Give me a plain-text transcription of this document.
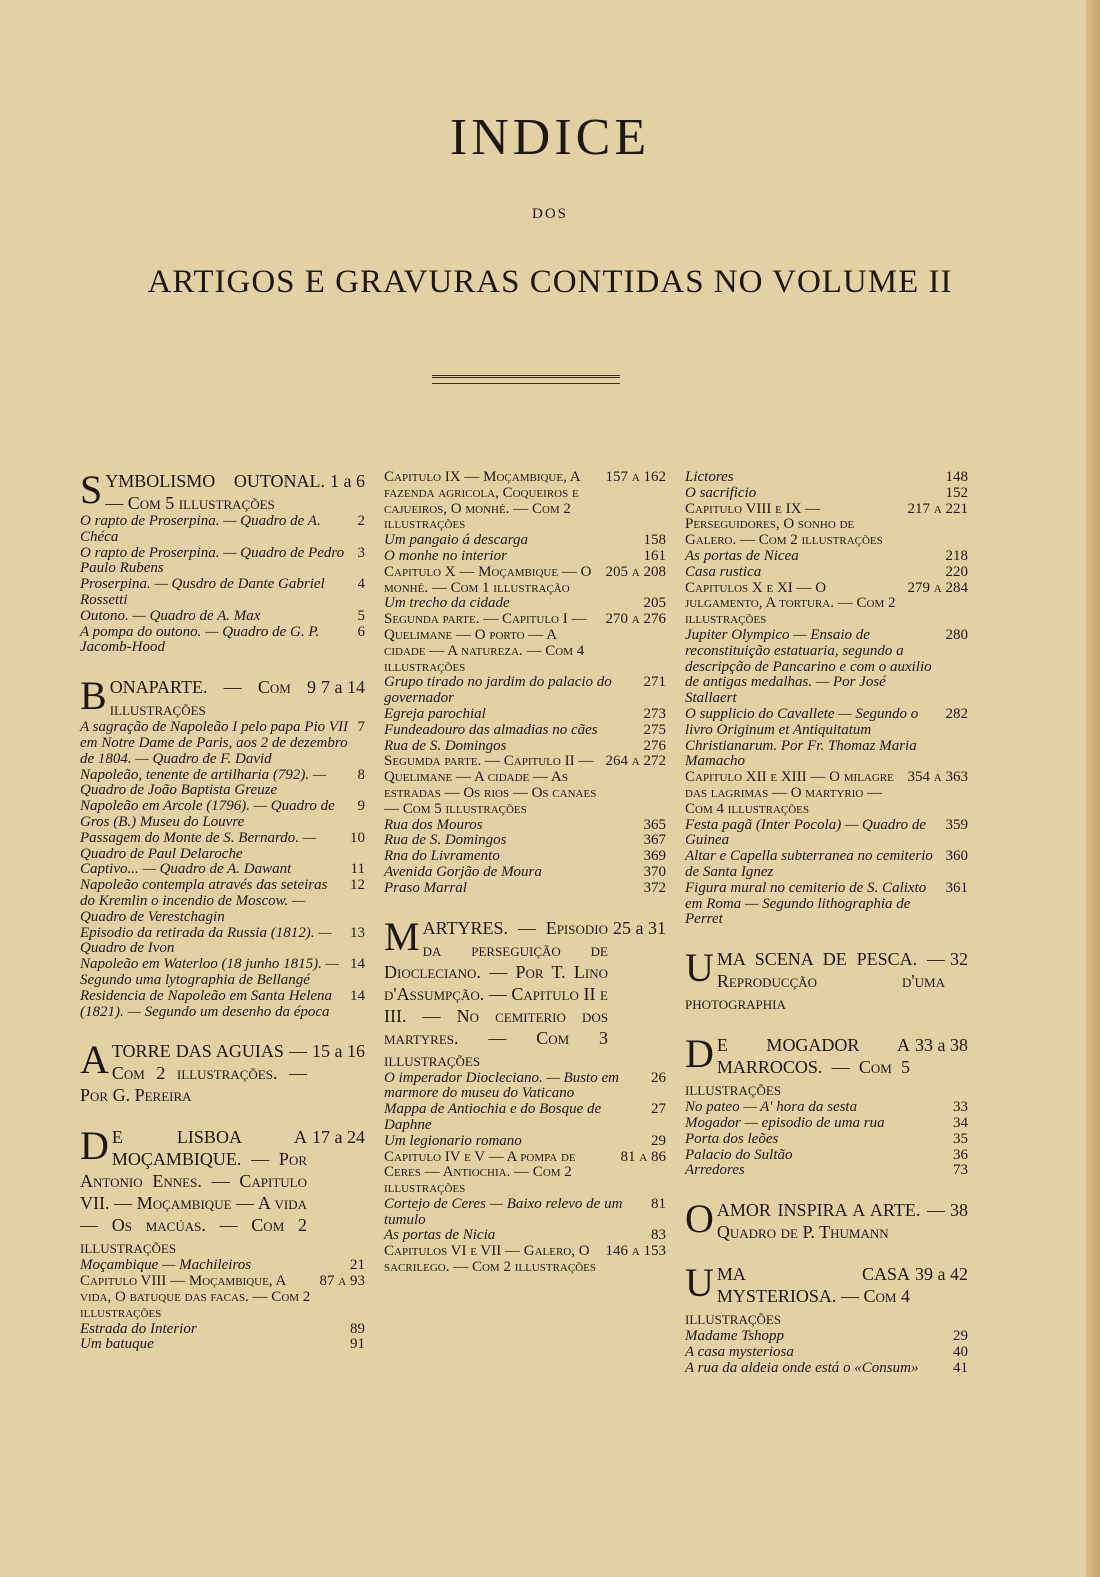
INDICE
DOS
ARTIGOS E GRAVURAS CONTIDAS NO VOLUME II
SYMBOLISMO OUTONAL. — Com 5 illustrações
1 a 6
O rapto de Proserpina. — Quadro de A. Chéca
2
O rapto de Proserpina. — Quadro de Pedro Paulo Rubens
3
Proserpina. — Qusdro de Dante Gabriel Rossetti
4
Outono. — Quadro de A. Max	5
A pompa do outono. — Quadro de G. P. Jacomb-Hood
6
BONAPARTE. — Com 9 illustrações
7 a 14
A sagração de Napoleão I pelo papa Pio VII em Notre Dame de Paris, aos 2 de dezembro de 1804. — Quadro de F. David
7
Napoleão, tenente de artilharia (792). — Quadro de João Baptista Greuze
8
Napoleão em Arcole (1796). — Quadro de Gros (B.) Museu do Louvre
9
Passagem do Monte de S. Bernardo. — Quadro de Paul Delaroche
10
Captivo... — Quadro de A. Dawant	11
Napoleão contempla através das seteiras do Kremlin o incendio de Moscow. — Quadro de Verestchagin
12
Episodio da retirada da Russia (1812). — Quadro de Ivon
13
Napoleão em Waterloo (18 junho 1815). — Segundo uma lytographia de Bellangé
14
Residencia de Napoleão em Santa Helena (1821). — Segundo um desenho da época
14
ATORRE DAS AGUIAS — Com 2 illustrações. — Por G. Pereira
15 a 16
D E LISBOA A MOÇAMBIQUE. — Por Antonio Ennes. — Capitulo VII. — Moçambique — A vida — Os macúas. — Com 2 illustrações
17 a 24
Moçambique — Machileiros	21
Capitulo VIII — Moçambique, A vida, O batuque das facas. — Com 2 illustrações
87 a 93
Estrada do Interior	89
Um batuque	91
Capitulo IX — Moçambique, A fazenda agricola, Coqueiros e cajueiros, O monhé. — Com 2 illustrações
157 a 162
Um pangaio á descarga	158
O monhe no interior	161
Capitulo X — Moçambique — O monhé. — Com 1 illustração
205 a 208
Um trecho da cidade	205
Segunda parte. — Capitulo I — Quelimane — O porto — A cidade — A natureza. — Com 4 illustrações
270 a 276
Grupo tirado no jardim do palacio do governador
271
Egreja parochial	273
Fundeadouro das almadias no cães	275
Rua de S. Domingos	276
Segumda parte. — Capitulo II — Quelimane — A cidade — As estradas — Os rios — Os canaes — Com 5 illustrações
264 a 272
Rua dos Mouros	365
Rua de S. Domingos	367
Rna do Livramento	369
Avenida Gorjão de Moura	370
Praso Marral	372
MARTYRES. — Episodio da perseguição de Diocleciano. — Por T. Lino d'Assumpção. — Capitulo II e III. — No cemiterio dos martyres. — Com 3 illustrações
25 a 31
O imperador Diocleciano. — Busto em marmore do museu do Vaticano
26
Mappa de Antiochia e do Bosque de Daphne
27
Um legionario romano	29
Capitulo IV e V — A pompa de Ceres — Antiochia. — Com 2 illustrações
81 a 86
Cortejo de Ceres — Baixo relevo de um tumulo
81
As portas de Nicia	83
Capitulos VI e VII — Galero, O sacrilego. — Com 2 illustrações
146 a 153
Lictores	148
O sacrificio	152
Capitulo VIII e IX — Perseguidores, O sonho de Galero. — Com 2 illustrações
217 a 221
As portas de Nicea	218
Casa rustica	220
Capitulos X e XI — O julgamento, A tortura. — Com 2 illustrações
279 a 284
Jupiter Olympico — Ensaio de reconstituição estatuaria, segundo a descripção de Pancarino e com o auxilio de antigas medalhas. — Por José Stallaert
280
O supplicio do Cavallete — Segundo o livro Originum et Antiquitatum Christianarum. Por Fr. Thomaz Maria Mamacho
282
Capitulo XII e XIII — O milagre das lagrimas — O martyrio — Com 4 illustrações
354 a 363
Festa pagã (Inter Pocola) — Quadro de Guinea
359
Altar e Capella subterranea no cemiterio de Santa Ignez
360
Figura mural no cemiterio de S. Calixto em Roma — Segundo lithographia de Perret
361
UMA SCENA DE PESCA. — Reproducção d'uma photographia
32
D E MOGADOR A MARROCOS. — Com 5 illustrações
33 a 38
No pateo — A' hora da sesta	33
Mogador — episodio de uma rua	34
Porta dos leões	35
Palacio do Sultão	36
Arredores	73
OAMOR INSPIRA A ARTE. — Quadro de P. Thumann
38
UMA CASA MYSTERIOSA. — Com 4 illustrações
39 a 42
Madame Tshopp	29
A casa mysteriosa	40
A rua da aldeia onde está o «Consum»	41
